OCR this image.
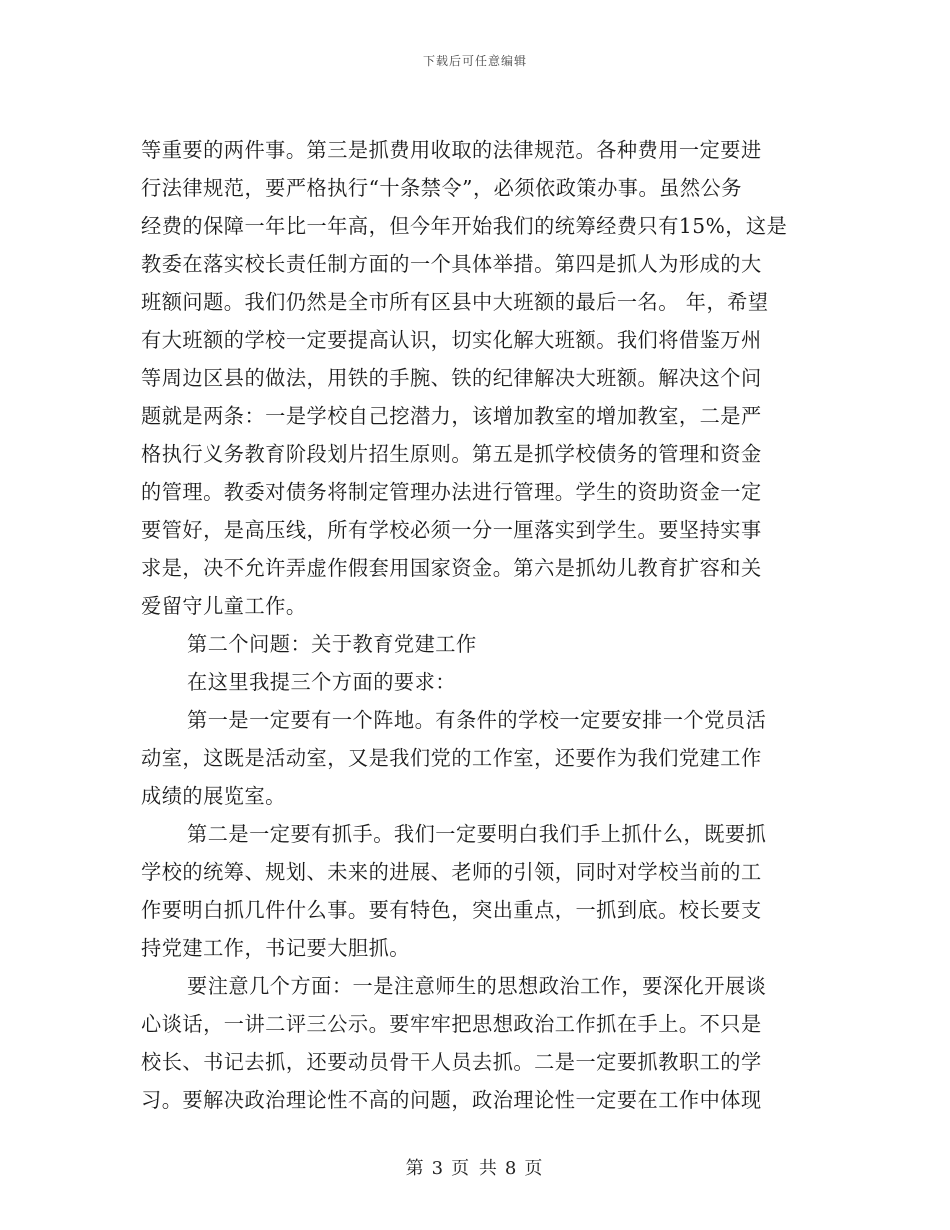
下载后可任意编辑
等重要的两件事。第三是抓费用收取的法律规范。各种费用一定要进
行法律规范，要严格执行“十条禁令”，必须依政策办事。虽然公务
经费的保障一年比一年高，但今年开始我们的统筹经费只有15%，这是
教委在落实校长责任制方面的一个具体举措。第四是抓人为形成的大
班额问题。我们仍然是全市所有区县中大班额的最后一名。 年，希望
有大班额的学校一定要提高认识，切实化解大班额。我们将借鉴万州
等周边区县的做法，用铁的手腕、铁的纪律解决大班额。解决这个问
题就是两条：一是学校自己挖潜力，该增加教室的增加教室，二是严
格执行义务教育阶段划片招生原则。第五是抓学校债务的管理和资金
的管理。教委对债务将制定管理办法进行管理。学生的资助资金一定
要管好，是高压线，所有学校必须一分一厘落实到学生。要坚持实事
求是，决不允许弄虚作假套用国家资金。第六是抓幼儿教育扩容和关
爱留守儿童工作。
第二个问题：关于教育党建工作
在这里我提三个方面的要求：
第一是一定要有一个阵地。有条件的学校一定要安排一个党员活
动室，这既是活动室，又是我们党的工作室，还要作为我们党建工作
成绩的展览室。
第二是一定要有抓手。我们一定要明白我们手上抓什么，既要抓
学校的统筹、规划、未来的进展、老师的引领，同时对学校当前的工
作要明白抓几件什么事。要有特色，突出重点，一抓到底。校长要支
持党建工作，书记要大胆抓。
要注意几个方面：一是注意师生的思想政治工作，要深化开展谈
心谈话，一讲二评三公示。要牢牢把思想政治工作抓在手上。不只是
校长、书记去抓，还要动员骨干人员去抓。二是一定要抓教职工的学
习。要解决政治理论性不高的问题，政治理论性一定要在工作中体现
第 3 页 共 8 页
